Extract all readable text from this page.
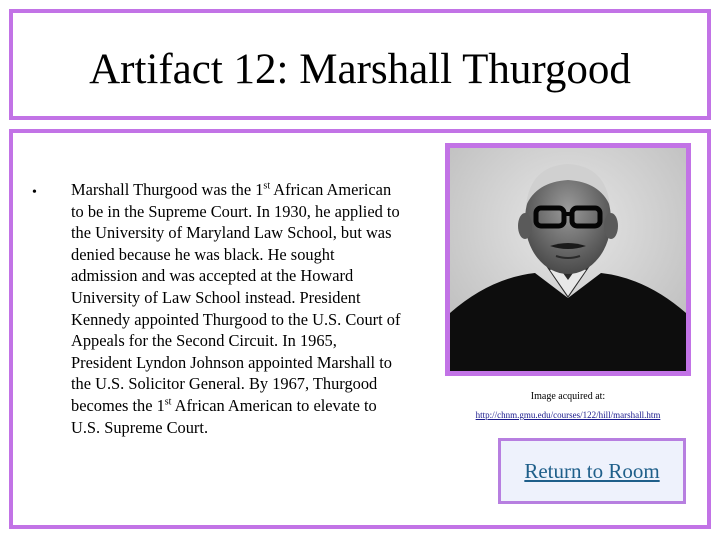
Artifact 12: Marshall Thurgood
• Marshall Thurgood was the 1st African American to be in the Supreme Court. In 1930, he applied to the University of Maryland Law School, but was denied because he was black. He sought admission and was accepted at the Howard University of Law School instead. President Kennedy appointed Thurgood to the U.S. Court of Appeals for the Second Circuit. In 1965, President Lyndon Johnson appointed Marshall to the U.S. Solicitor General. By 1967, Thurgood becomes the 1st African American to elevate to U.S. Supreme Court.
Image acquired at:
http://chnm.gmu.edu/courses/122/hill/marshall.htm
Return to Room
